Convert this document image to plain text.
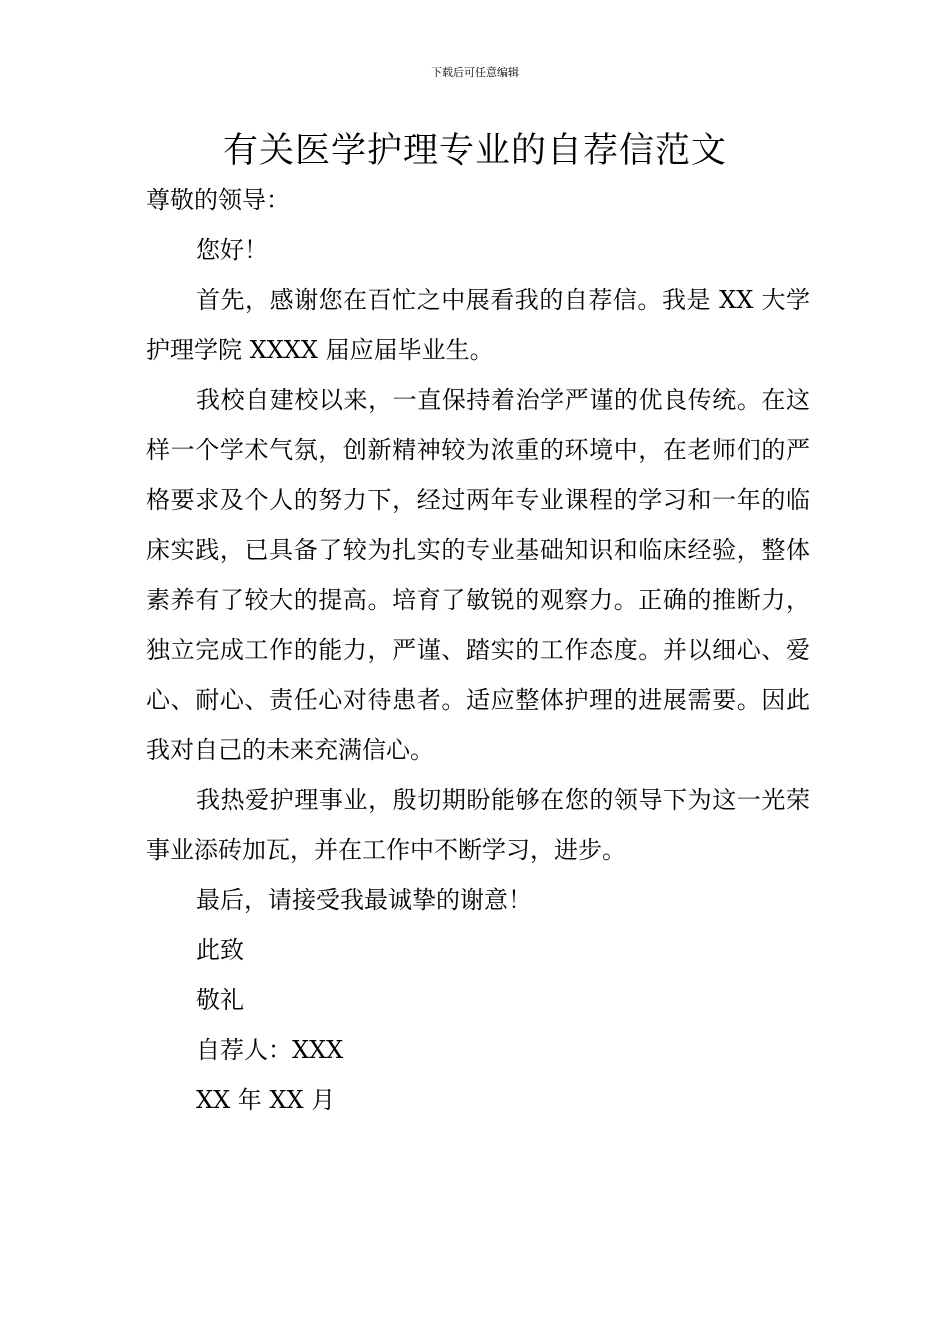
下载后可任意编辑
有关医学护理专业的自荐信范文

尊敬的领导：

您好！

首先，感谢您在百忙之中展看我的自荐信。我是 XX 大学护理学院 XXXX 届应届毕业生。

我校自建校以来，一直保持着治学严谨的优良传统。在这样一个学术气氛，创新精神较为浓重的环境中，在老师们的严格要求及个人的努力下，经过两年专业课程的学习和一年的临床实践，已具备了较为扎实的专业基础知识和临床经验，整体素养有了较大的提高。培育了敏锐的观察力。正确的推断力，独立完成工作的能力，严谨、踏实的工作态度。并以细心、爱心、耐心、责任心对待患者。适应整体护理的进展需要。因此我对自己的未来充满信心。

我热爱护理事业，殷切期盼能够在您的领导下为这一光荣事业添砖加瓦，并在工作中不断学习，进步。

最后，请接受我最诚挚的谢意！

此致

敬礼

自荐人：XXX

XX 年 XX 月
